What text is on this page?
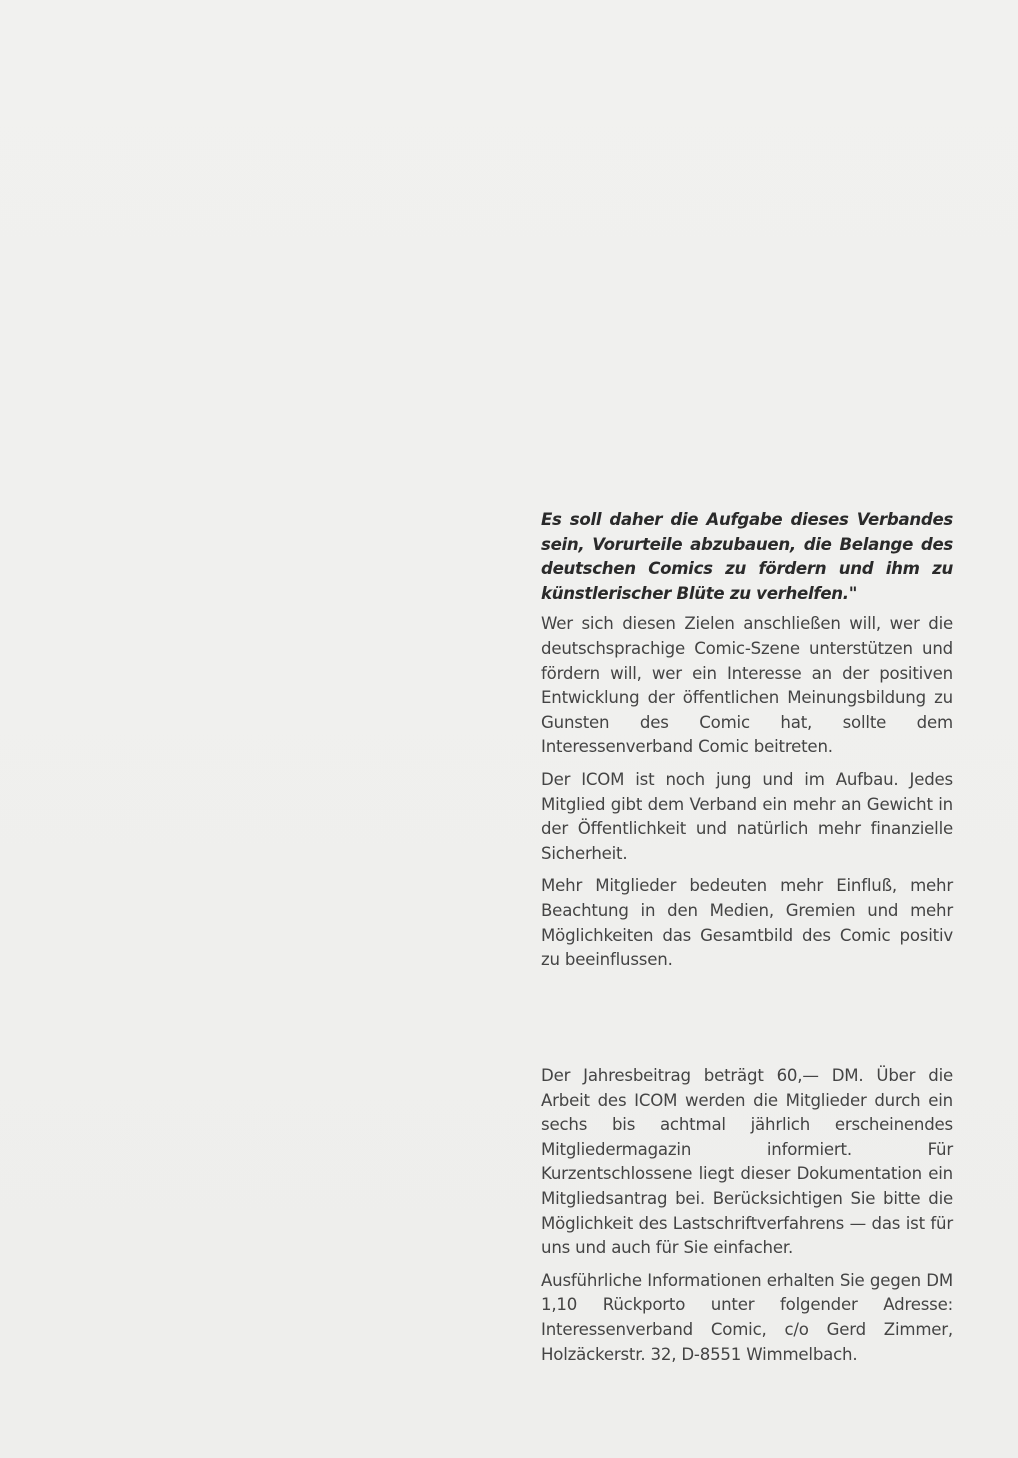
Es soll daher die Aufgabe dieses Verbandes sein, Vorurteile abzubauen, die Belange des deutschen Comics zu fördern und ihm zu künstlerischer Blüte zu verhelfen."

Wer sich diesen Zielen anschließen will, wer die deutschsprachige Comic-Szene unterstützen und fördern will, wer ein Interesse an der positiven Entwicklung der öffentlichen Meinungsbildung zu Gunsten des Comic hat, sollte dem Interessenverband Comic beitreten.

Der ICOM ist noch jung und im Aufbau. Jedes Mitglied gibt dem Verband ein mehr an Gewicht in der Öffentlichkeit und natürlich mehr finanzielle Sicherheit.

Mehr Mitglieder bedeuten mehr Einfluß, mehr Beachtung in den Medien, Gremien und mehr Möglichkeiten das Gesamtbild des Comic positiv zu beeinflussen.

Der Jahresbeitrag beträgt 60,— DM. Über die Arbeit des ICOM werden die Mitglieder durch ein sechs bis achtmal jährlich erscheinendes Mitgliedermagazin informiert. Für Kurzentschlossene liegt dieser Dokumentation ein Mitgliedsantrag bei. Berücksichtigen Sie bitte die Möglichkeit des Lastschriftverfahrens — das ist für uns und auch für Sie einfacher.

Ausführliche Informationen erhalten Sie gegen DM 1,10 Rückporto unter folgender Adresse: Interessenverband Comic, c/o Gerd Zimmer, Holzäckerstr. 32, D-8551 Wimmelbach.
